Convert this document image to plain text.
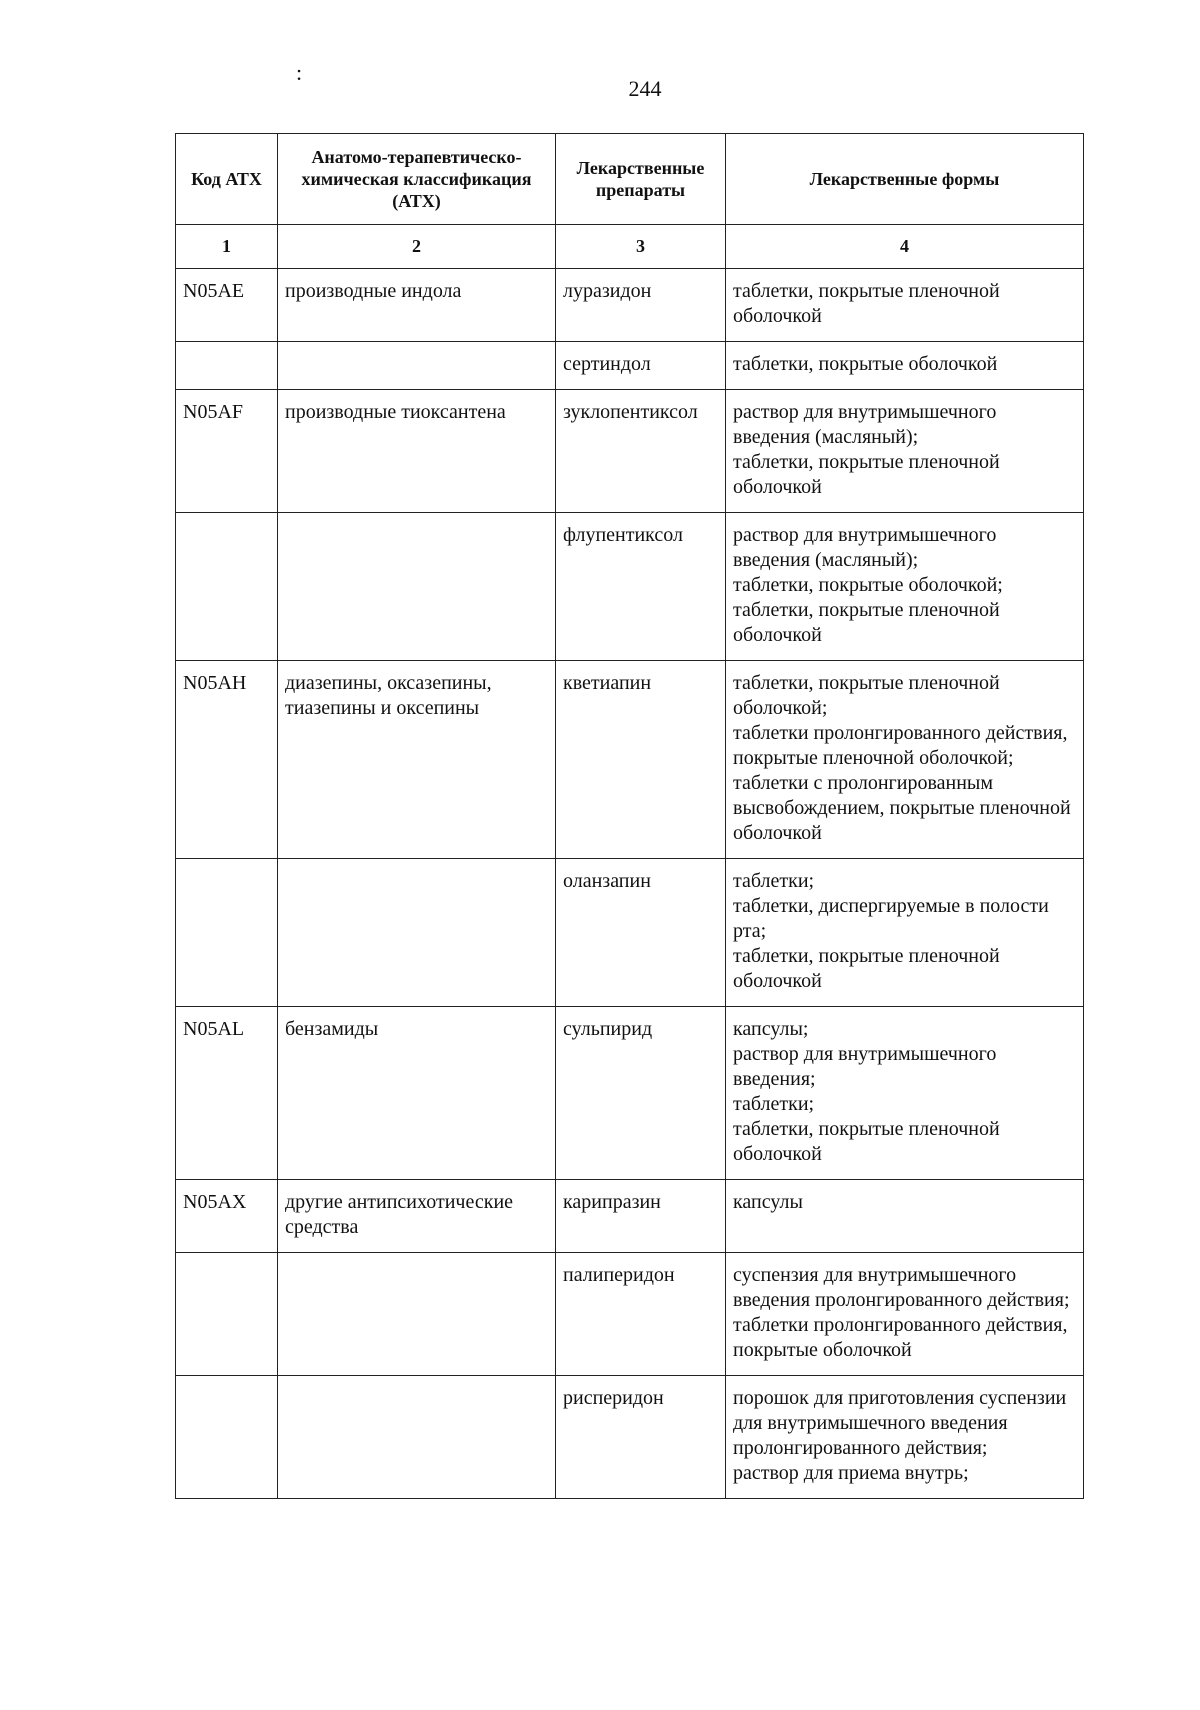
:
244
Код АТХ	Анатомо-терапевтическо-химическая классификация (АТХ)	Лекарственные препараты	Лекарственные формы
1	2	3	4
N05AE	производные индола	луразидон	таблетки, покрытые пленочной оболочкой

		сертиндол	таблетки, покрытые оболочкой

N05AF	производные тиоксантена	зуклопентиксол	раствор для внутримышечного введения (масляный);
таблетки, покрытые пленочной оболочкой

		флупентиксол	раствор для внутримышечного введения (масляный);
таблетки, покрытые оболочкой;
таблетки, покрытые пленочной оболочкой

N05AH	диазепины, оксазепины, тиазепины и оксепины	кветиапин	таблетки, покрытые пленочной оболочкой;
таблетки пролонгированного действия, покрытые пленочной оболочкой;
таблетки с пролонгированным высвобождением, покрытые пленочной оболочкой

		оланзапин	таблетки;
таблетки, диспергируемые в полости рта;
таблетки, покрытые пленочной оболочкой

N05AL	бензамиды	сульпирид	капсулы;
раствор для внутримышечного введения;
таблетки;
таблетки, покрытые пленочной оболочкой

N05AX	другие антипсихотические средства	карипразин	капсулы

		палиперидон	суспензия для внутримышечного введения пролонгированного действия;
таблетки пролонгированного действия, покрытые оболочкой

		рисперидон	порошок для приготовления суспензии для внутримышечного введения пролонгированного действия;
раствор для приема внутрь;
